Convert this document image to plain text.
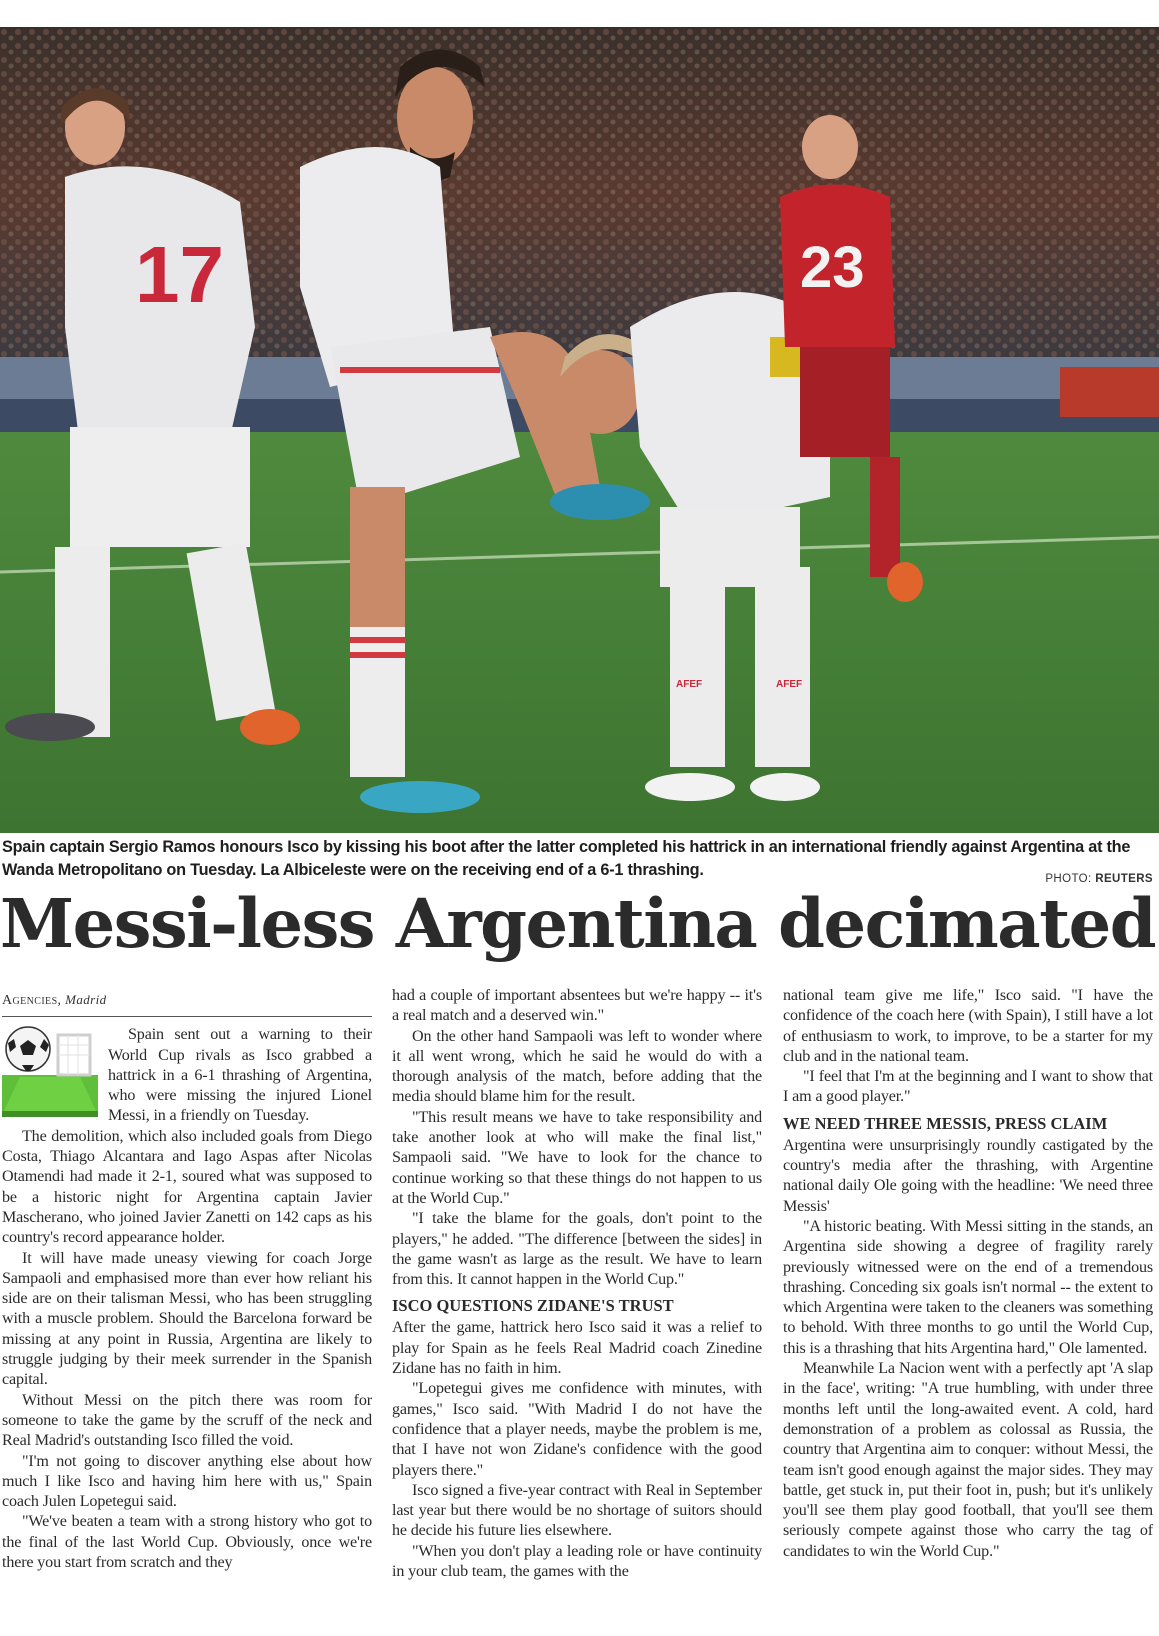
17
AFEF	AFEF
23
Spain captain Sergio Ramos honours Isco by kissing his boot after the latter completed his hattrick in an international friendly against Argentina at the Wanda Metropolitano on Tuesday. La Albiceleste were on the receiving end of a 6-1 thrashing.	PHOTO: REUTERS
Messi-less Argentina decimated
Agencies, Madrid

Spain sent out a warning to their World Cup rivals as Isco grabbed a hattrick in a 6-1 thrashing of Argentina, who were missing the injured Lionel Messi, in a friendly on Tuesday.

The demolition, which also included goals from Diego Costa, Thiago Alcantara and Iago Aspas after Nicolas Otamendi had made it 2-1, soured what was supposed to be a historic night for Argentina captain Javier Mascherano, who joined Javier Zanetti on 142 caps as his country's record appearance holder.

It will have made uneasy viewing for coach Jorge Sampaoli and emphasised more than ever how reliant his side are on their talisman Messi, who has been struggling with a muscle problem. Should the Barcelona forward be missing at any point in Russia, Argentina are likely to struggle judging by their meek surrender in the Spanish capital.

Without Messi on the pitch there was room for someone to take the game by the scruff of the neck and Real Madrid's outstanding Isco filled the void.

"I'm not going to discover anything else about how much I like Isco and having him here with us," Spain coach Julen Lopetegui said.

"We've beaten a team with a strong history who got to the final of the last World Cup. Obviously, once we're there you start from scratch and they

had a couple of important absentees but we're happy -- it's a real match and a deserved win."

On the other hand Sampaoli was left to wonder where it all went wrong, which he said he would do with a thorough analysis of the match, before adding that the media should blame him for the result.

"This result means we have to take responsibility and take another look at who will make the final list," Sampaoli said. "We have to look for the chance to continue working so that these things do not happen to us at the World Cup."

"I take the blame for the goals, don't point to the players," he added. "The difference [between the sides] in the game wasn't as large as the result. We have to learn from this. It cannot happen in the World Cup."

ISCO QUESTIONS ZIDANE'S TRUST

After the game, hattrick hero Isco said it was a relief to play for Spain as he feels Real Madrid coach Zinedine Zidane has no faith in him.

"Lopetegui gives me confidence with minutes, with games," Isco said. "With Madrid I do not have the confidence that a player needs, maybe the problem is me, that I have not won Zidane's confidence with the good players there."

Isco signed a five-year contract with Real in September last year but there would be no shortage of suitors should he decide his future lies elsewhere.

"When you don't play a leading role or have continuity in your club team, the games with the

national team give me life," Isco said. "I have the confidence of the coach here (with Spain), I still have a lot of enthusiasm to work, to improve, to be a starter for my club and in the national team.

"I feel that I'm at the beginning and I want to show that I am a good player."

WE NEED THREE MESSIS, PRESS CLAIM

Argentina were unsurprisingly roundly castigated by the country's media after the thrashing, with Argentine national daily Ole going with the headline: 'We need three Messis'

"A historic beating. With Messi sitting in the stands, an Argentina side showing a degree of fragility rarely previously witnessed were on the end of a tremendous thrashing. Conceding six goals isn't normal -- the extent to which Argentina were taken to the cleaners was something to behold. With three months to go until the World Cup, this is a thrashing that hits Argentina hard," Ole lamented.

Meanwhile La Nacion went with a perfectly apt 'A slap in the face', writing: "A true humbling, with under three months left until the long-awaited event. A cold, hard demonstration of a problem as colossal as Russia, the country that Argentina aim to conquer: without Messi, the team isn't good enough against the major sides. They may battle, get stuck in, put their foot in, push; but it's unlikely you'll see them play good football, that you'll see them seriously compete against those who carry the tag of candidates to win the World Cup."
